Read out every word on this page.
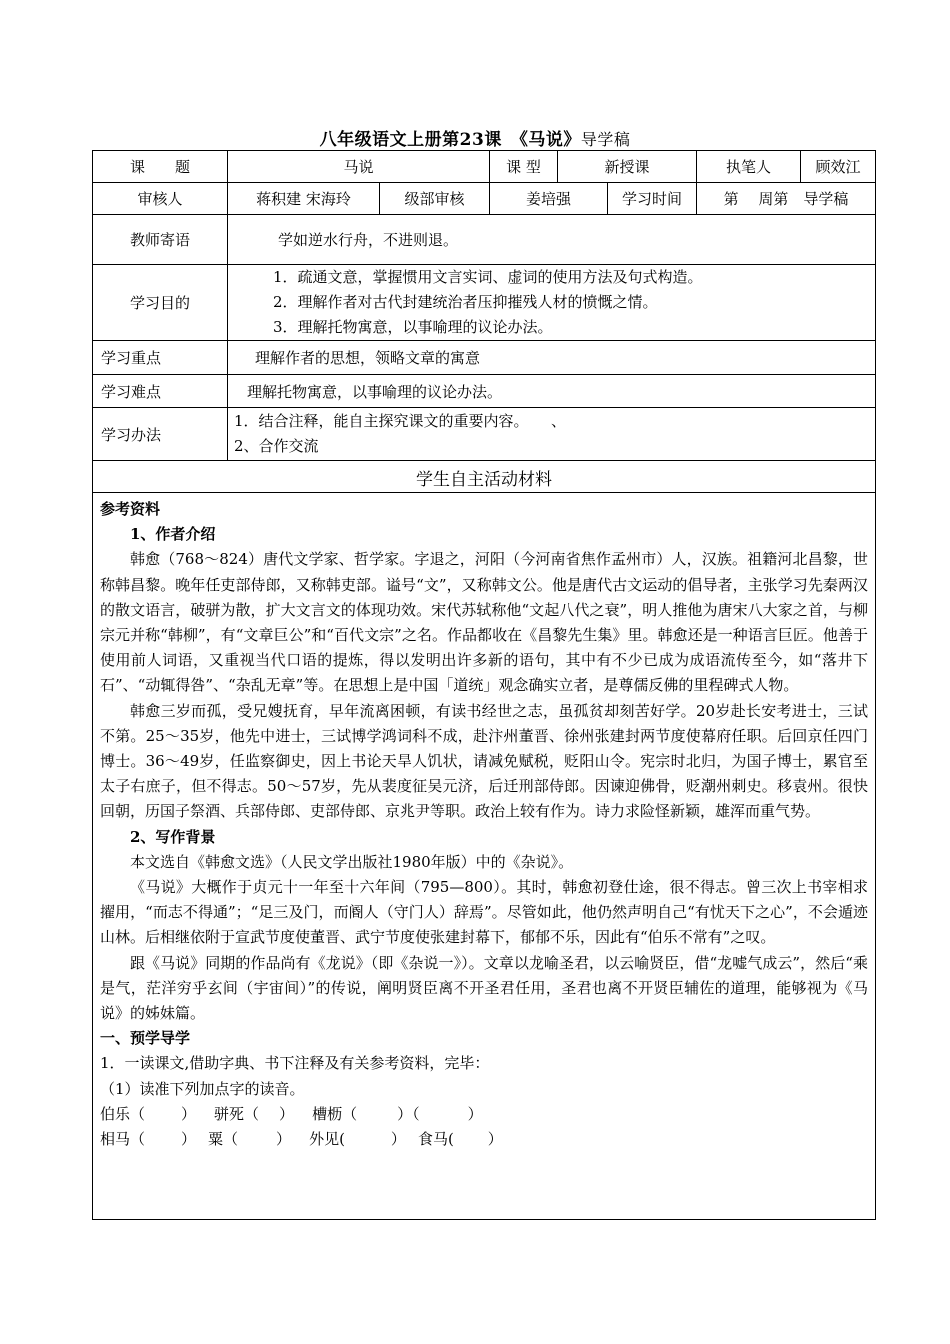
八年级语文上册第23课　《马说》导学稿
课　　题	马说	课 型	新授课	执笔人	顾效江
审核人	蒋积建 宋海玲	级部审核	姜培强	学习时间	第　 周第　导学稿
教师寄语	学如逆水行舟，不进则退。
学习目的
1．疏通文意，掌握惯用文言实词、虚词的使用方法及句式构造。
2．理解作者对古代封建统治者压抑摧残人材的愤慨之情。
3．理解托物寓意，以事喻理的议论办法。
学习重点	理解作者的思想，领略文章的寓意
学习难点	理解托物寓意，以事喻理的议论办法。
学习办法
1．结合注释，能自主探究课文的重要内容。　　、
2、合作交流
学生自主活动材料

参考资料

1、作者介绍

韩愈（768～824）唐代文学家、哲学家。字退之，河阳（今河南省焦作孟州市）人，汉族。祖籍河北昌黎，世称韩昌黎。晚年任吏部侍郎，又称韩吏部。谥号“文”，又称韩文公。他是唐代古文运动的倡导者，主张学习先秦两汉的散文语言，破骈为散，扩大文言文的体现功效。宋代苏轼称他“文起八代之衰”，明人推他为唐宋八大家之首，与柳宗元并称“韩柳”，有“文章巨公”和“百代文宗”之名。作品都收在《昌黎先生集》里。韩愈还是一种语言巨匠。他善于使用前人词语，又重视当代口语的提炼，得以发明出许多新的语句，其中有不少已成为成语流传至今，如“落井下石”、“动辄得咎”、“杂乱无章”等。在思想上是中国「道统」观念确实立者，是尊儒反佛的里程碑式人物。

韩愈三岁而孤，受兄嫂抚育，早年流离困顿，有读书经世之志，虽孤贫却刻苦好学。20岁赴长安考进士，三试不第。25～35岁，他先中进士，三试博学鸿词科不成，赴汴州董晋、徐州张建封两节度使幕府任职。后回京任四门博士。36～49岁，任监察御史，因上书论天旱人饥状，请减免赋税，贬阳山令。宪宗时北归，为国子博士，累官至太子右庶子，但不得志。50～57岁，先从裴度征吴元济，后迁刑部侍郎。因谏迎佛骨，贬潮州刺史。移袁州。很快回朝，历国子祭酒、兵部侍郎、吏部侍郎、京兆尹等职。政治上较有作为。诗力求险怪新颖，雄浑而重气势。

2、写作背景

本文选自《韩愈文选》（人民文学出版社1980年版）中的《杂说》。

《马说》大概作于贞元十一年至十六年间（795—800）。其时，韩愈初登仕途，很不得志。曾三次上书宰相求擢用，“而志不得通”；“足三及门，而阍人（守门人）辞焉”。尽管如此，他仍然声明自己“有忧天下之心”，不会遁迹山林。后相继依附于宣武节度使董晋、武宁节度使张建封幕下，郁郁不乐，因此有“伯乐不常有”之叹。

跟《马说》同期的作品尚有《龙说》（即《杂说一》）。文章以龙喻圣君，以云喻贤臣，借“龙嘘气成云”，然后“乘是气，茫洋穷乎玄间（宇宙间）”的传说，阐明贤臣离不开圣君任用，圣君也离不开贤臣辅佐的道理，能够视为《马说》的姊妹篇。

一、预学导学

1．一读课文,借助字典、书下注释及有关参考资料，完毕：

（1）读准下列加点字的读音。

伯乐（ ） 骈死（ ） 槽枥（	）（	）

相马（ ） 粟（	） 外见(	） 食马( ）
